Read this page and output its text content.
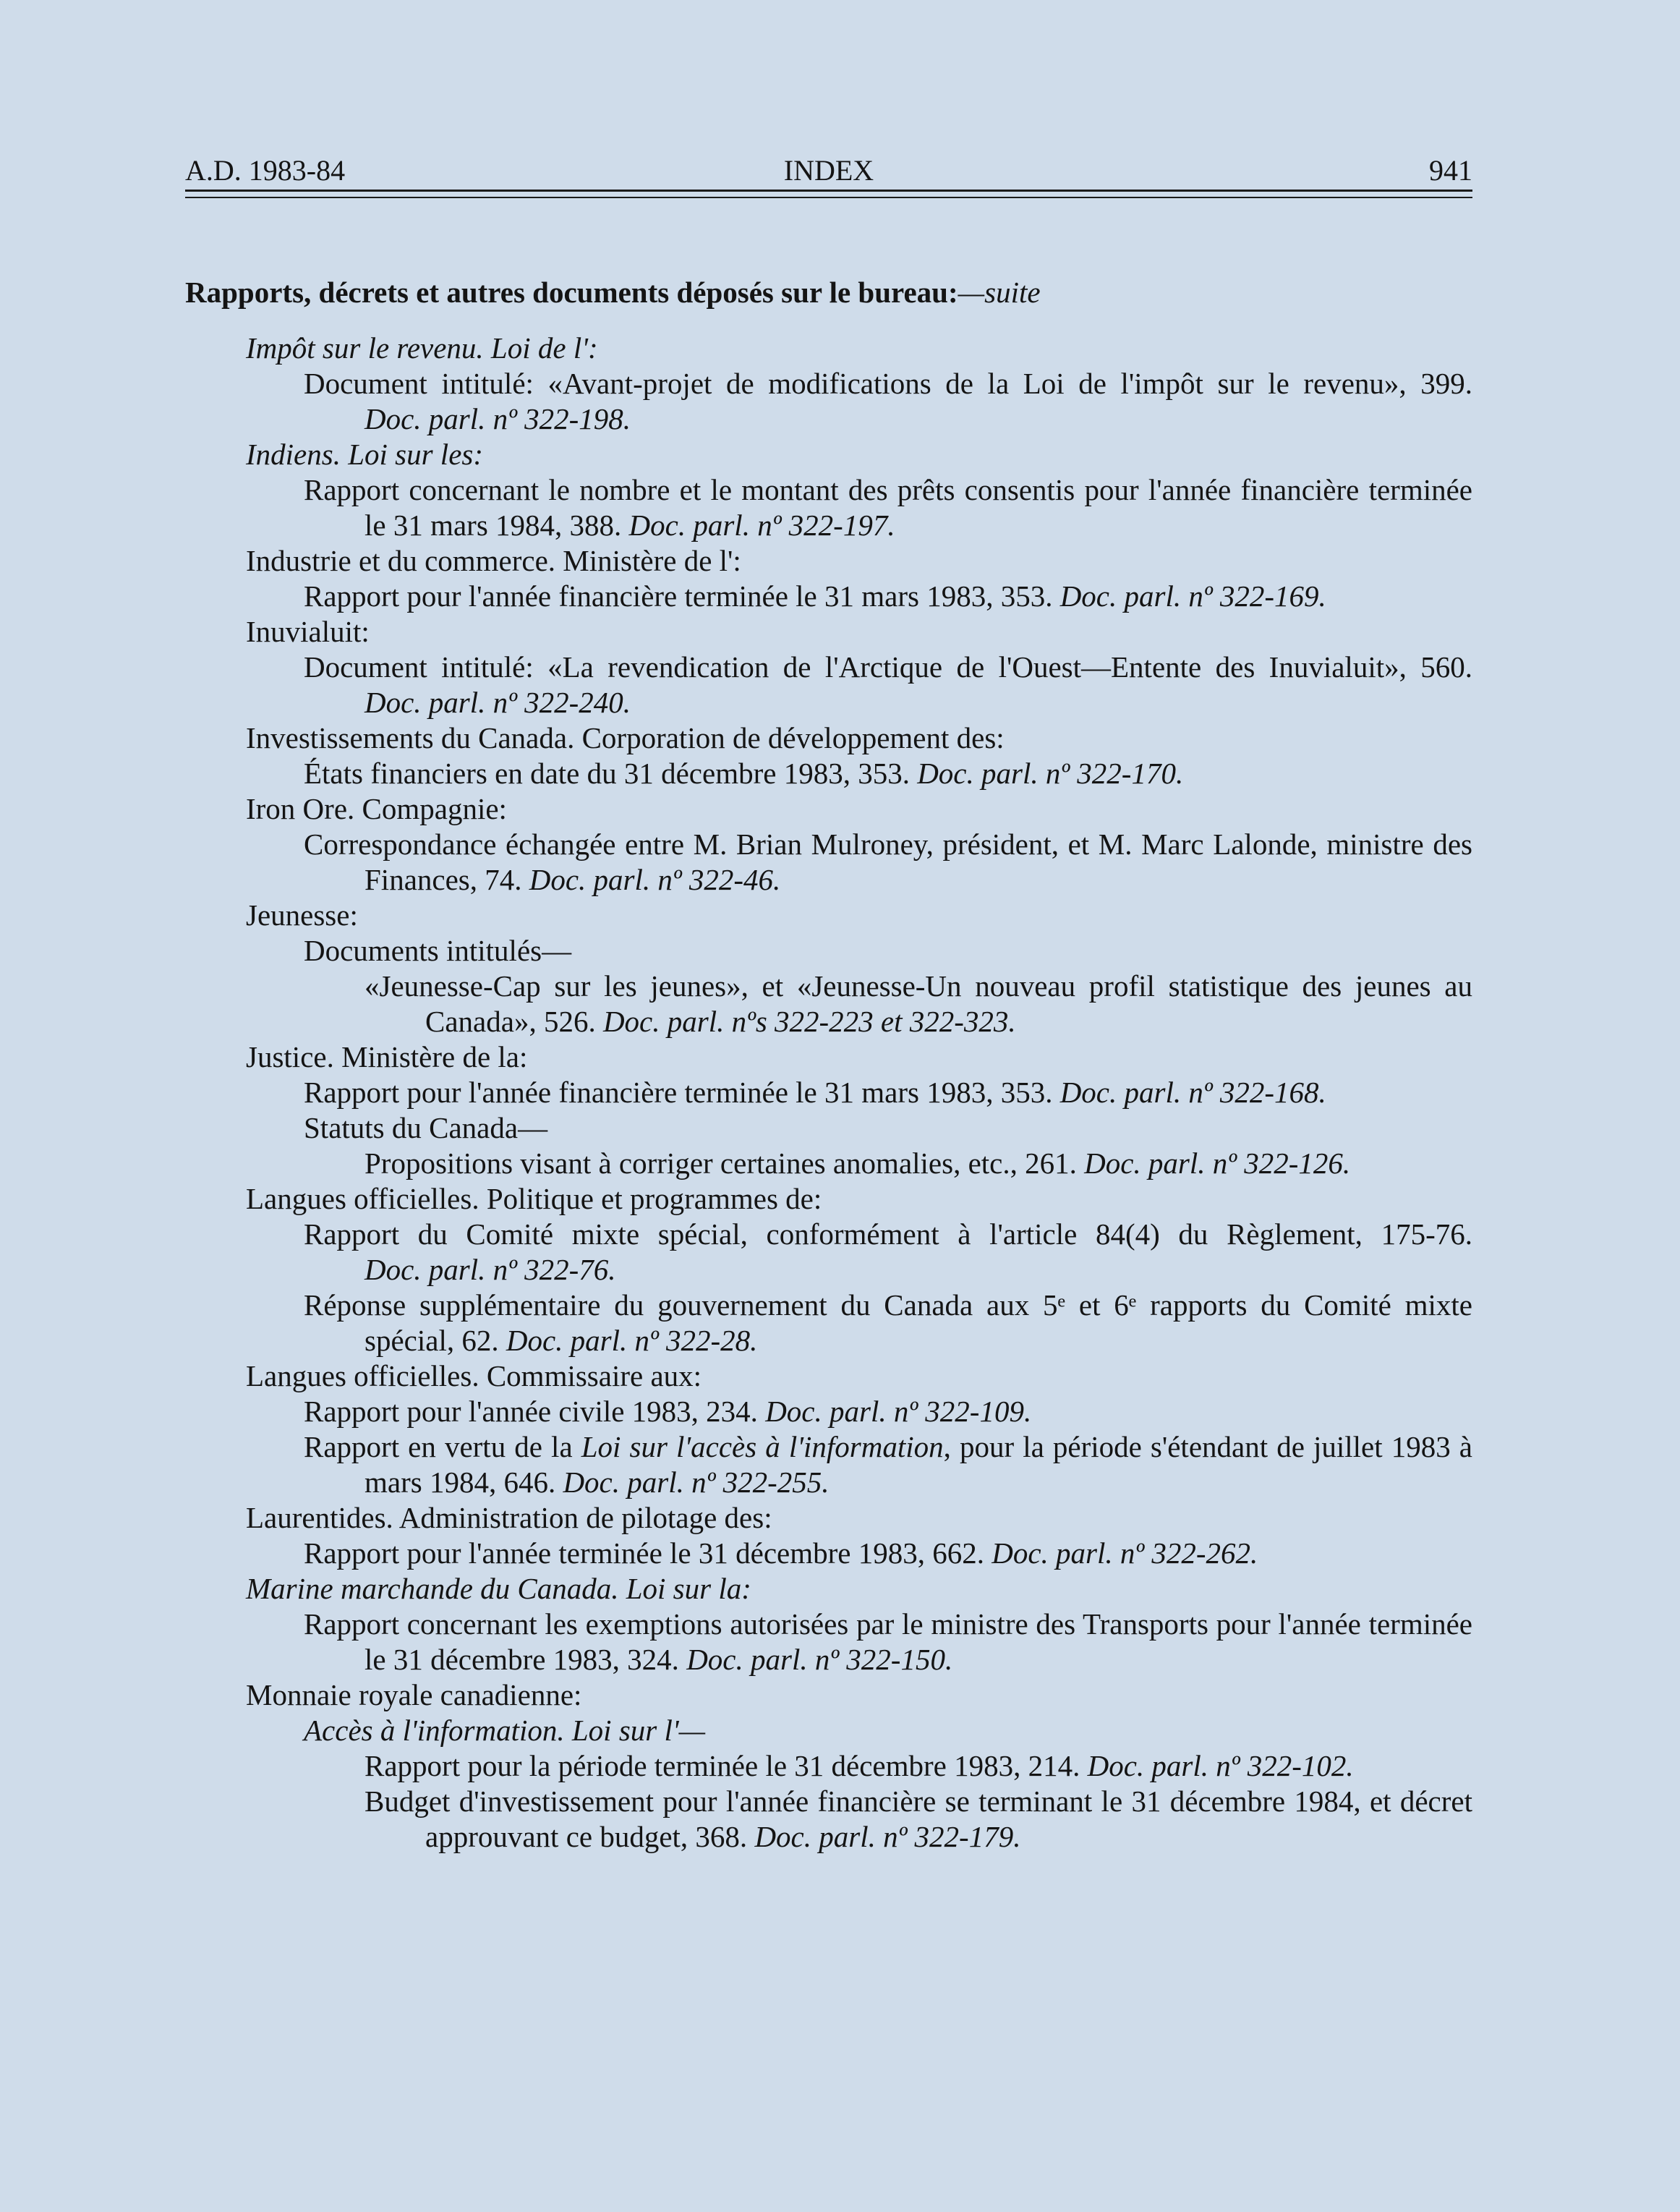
A.D. 1983-84	INDEX	941

Rapports, décrets et autres documents déposés sur le bureau:—suite

Impôt sur le revenu. Loi de l':

Document intitulé: «Avant-projet de modifications de la Loi de l'impôt sur le revenu», 399. Doc. parl. nº 322-198.

Indiens. Loi sur les:

Rapport concernant le nombre et le montant des prêts consentis pour l'année financière terminée le 31 mars 1984, 388. Doc. parl. nº 322-197.

Industrie et du commerce. Ministère de l':

Rapport pour l'année financière terminée le 31 mars 1983, 353. Doc. parl. nº 322-169.

Inuvialuit:

Document intitulé: «La revendication de l'Arctique de l'Ouest—Entente des Inuvialuit», 560. Doc. parl. nº 322-240.

Investissements du Canada. Corporation de développement des:

États financiers en date du 31 décembre 1983, 353. Doc. parl. nº 322-170.

Iron Ore. Compagnie:

Correspondance échangée entre M. Brian Mulroney, président, et M. Marc Lalonde, ministre des Finances, 74. Doc. parl. nº 322-46.

Jeunesse:

Documents intitulés—

«Jeunesse-Cap sur les jeunes», et «Jeunesse-Un nouveau profil statistique des jeunes au Canada», 526. Doc. parl. nºs 322-223 et 322-323.

Justice. Ministère de la:

Rapport pour l'année financière terminée le 31 mars 1983, 353. Doc. parl. nº 322-168.

Statuts du Canada—

Propositions visant à corriger certaines anomalies, etc., 261. Doc. parl. nº 322-126.

Langues officielles. Politique et programmes de:

Rapport du Comité mixte spécial, conformément à l'article 84(4) du Règlement, 175-76. Doc. parl. nº 322-76.

Réponse supplémentaire du gouvernement du Canada aux 5ᵉ et 6ᵉ rapports du Comité mixte spécial, 62. Doc. parl. nº 322-28.

Langues officielles. Commissaire aux:

Rapport pour l'année civile 1983, 234. Doc. parl. nº 322-109.

Rapport en vertu de la Loi sur l'accès à l'information, pour la période s'étendant de juillet 1983 à mars 1984, 646. Doc. parl. nº 322-255.

Laurentides. Administration de pilotage des:

Rapport pour l'année terminée le 31 décembre 1983, 662. Doc. parl. nº 322-262.

Marine marchande du Canada. Loi sur la:

Rapport concernant les exemptions autorisées par le ministre des Transports pour l'année terminée le 31 décembre 1983, 324. Doc. parl. nº 322-150.

Monnaie royale canadienne:

Accès à l'information. Loi sur l'—

Rapport pour la période terminée le 31 décembre 1983, 214. Doc. parl. nº 322-102.

Budget d'investissement pour l'année financière se terminant le 31 décembre 1984, et décret approuvant ce budget, 368. Doc. parl. nº 322-179.
